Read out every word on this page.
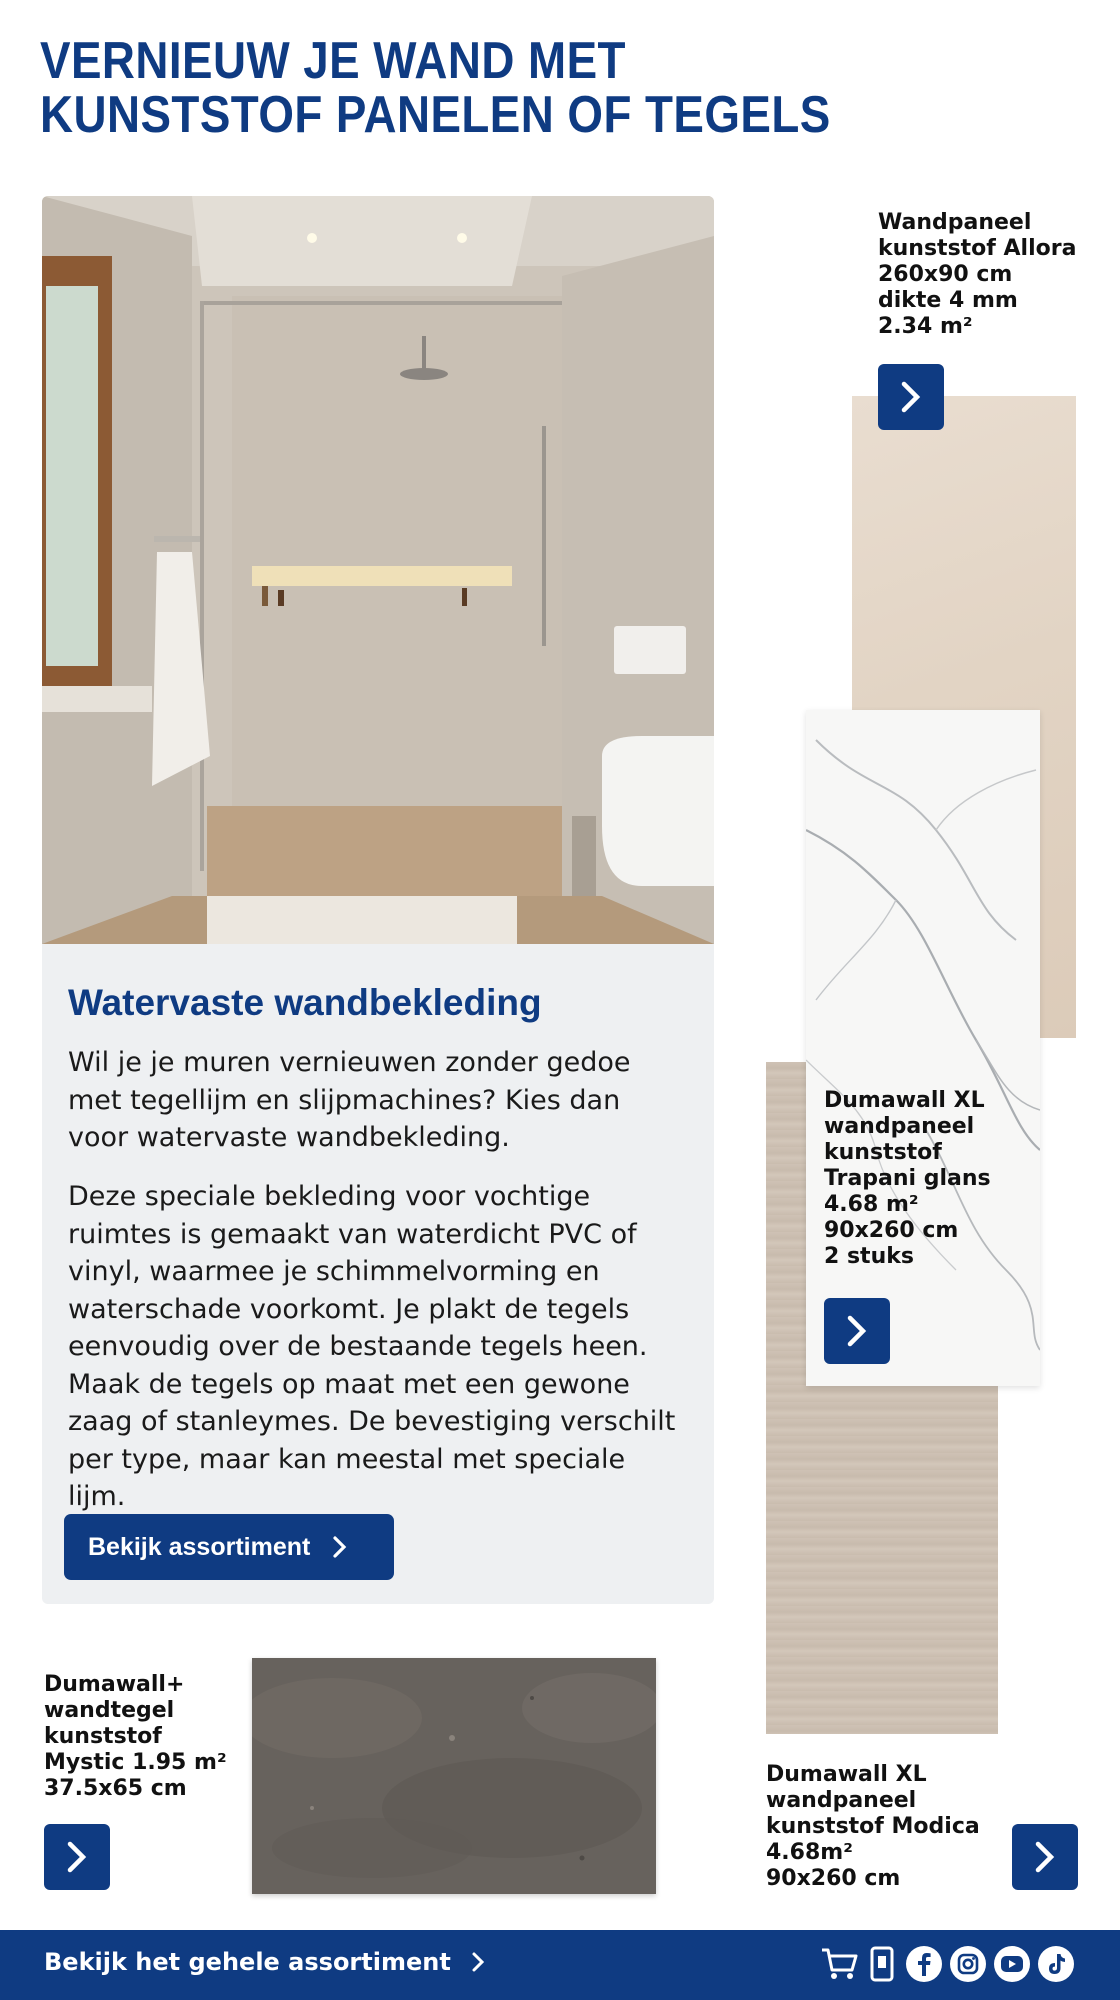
VERNIEUW JE WAND MET
KUNSTSTOF PANELEN OF TEGELS
Watervaste wandbekleding

Wil je je muren vernieuwen zonder gedoe met tegellijm en slijpmachines? Kies dan voor watervaste wandbekleding.

Deze speciale bekleding voor vochtige ruimtes is gemaakt van waterdicht PVC of vinyl, waarmee je schimmelvorming en waterschade voorkomt. Je plakt de tegels eenvoudig over de bestaande tegels heen. Maak de tegels op maat met een gewone zaag of stanleymes. De bevestiging verschilt per type, maar kan meestal met speciale lijm.

Bekijk assortiment

Wandpaneel
kunststof Allora
260x90 cm
dikte 4 mm
2.34 m²

Dumawall XL
wandpaneel
kunststof
Trapani glans
4.68 m²
90x260 cm
2 stuks

Dumawall+
wandtegel
kunststof
Mystic 1.95 m²
37.5x65 cm

Dumawall XL
wandpaneel
kunststof Modica
4.68m²
90x260 cm

Bekijk het gehele assortiment
